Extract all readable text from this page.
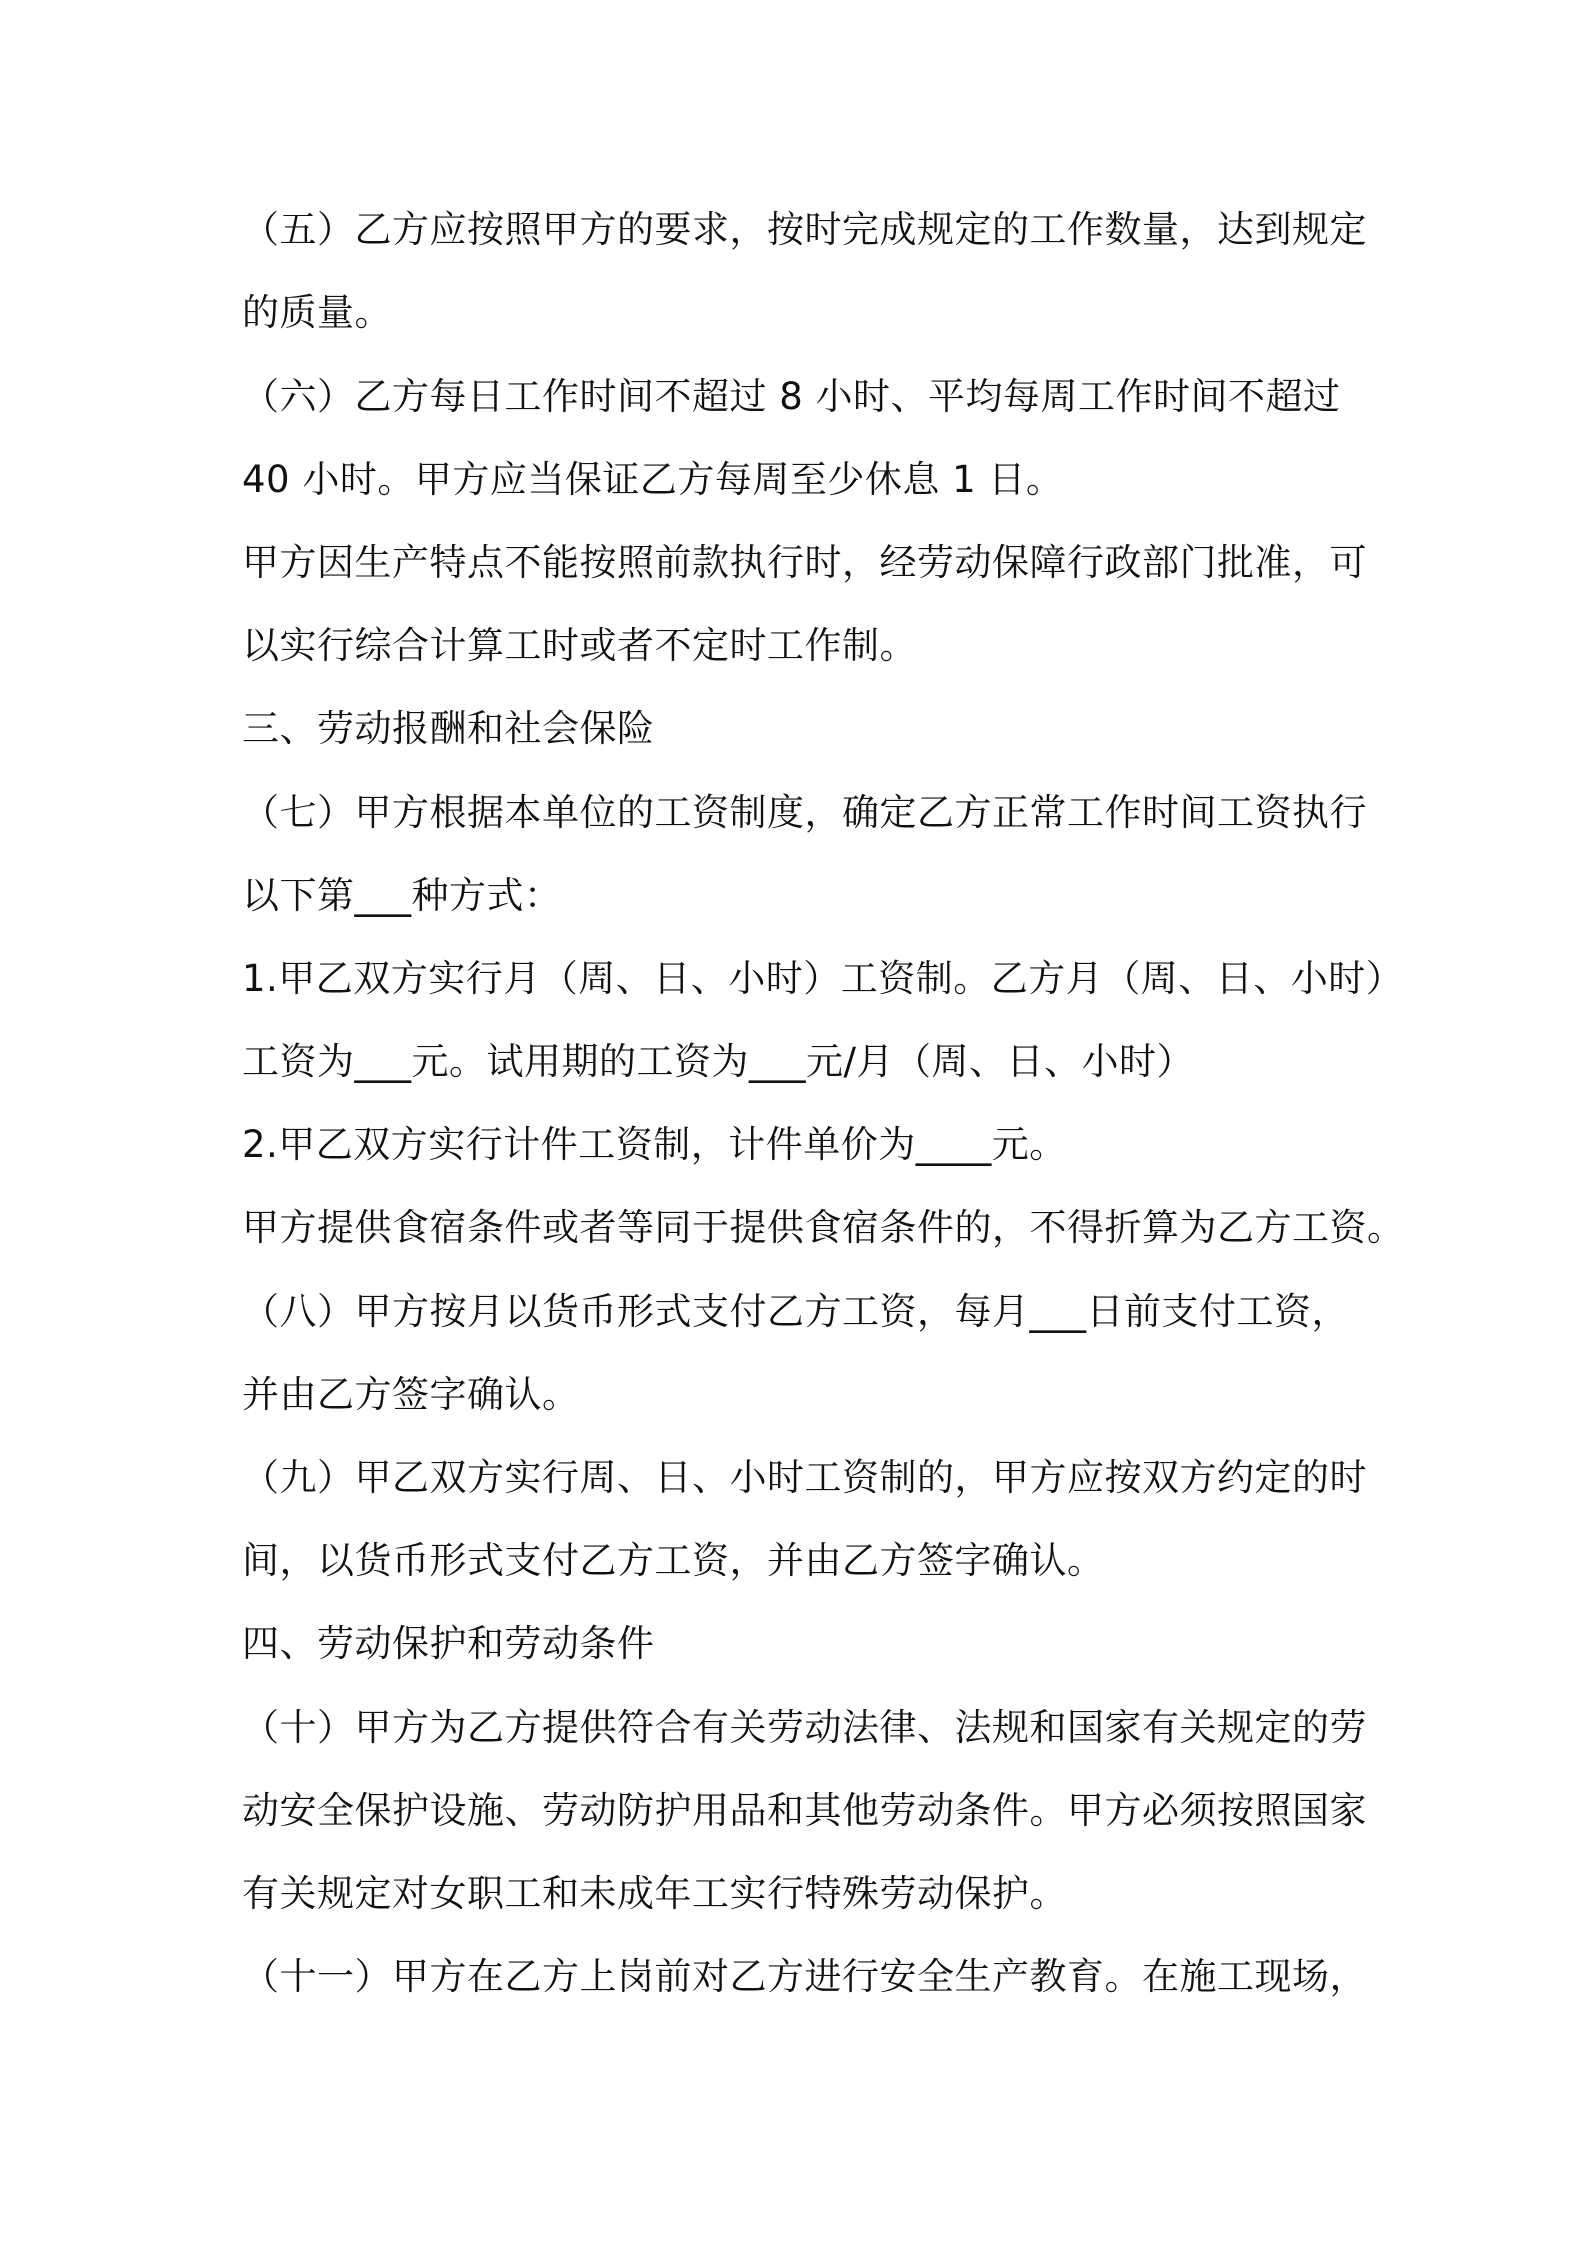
（五）乙方应按照甲方的要求，按时完成规定的工作数量，达到规定
的质量。
（六）乙方每日工作时间不超过 8 小时、平均每周工作时间不超过
40 小时。甲方应当保证乙方每周至少休息 1 日。
甲方因生产特点不能按照前款执行时，经劳动保障行政部门批准，可
以实行综合计算工时或者不定时工作制。
三、劳动报酬和社会保险
（七）甲方根据本单位的工资制度，确定乙方正常工作时间工资执行
以下第___种方式：
1.甲乙双方实行月（周、日、小时）工资制。乙方月（周、日、小时）
工资为___元。试用期的工资为___元/月（周、日、小时）
2.甲乙双方实行计件工资制，计件单价为____元。
甲方提供食宿条件或者等同于提供食宿条件的，不得折算为乙方工资。
（八）甲方按月以货币形式支付乙方工资，每月___日前支付工资，
并由乙方签字确认。
（九）甲乙双方实行周、日、小时工资制的，甲方应按双方约定的时
间，以货币形式支付乙方工资，并由乙方签字确认。
四、劳动保护和劳动条件
（十）甲方为乙方提供符合有关劳动法律、法规和国家有关规定的劳
动安全保护设施、劳动防护用品和其他劳动条件。甲方必须按照国家
有关规定对女职工和未成年工实行特殊劳动保护。
（十一）甲方在乙方上岗前对乙方进行安全生产教育。在施工现场，
